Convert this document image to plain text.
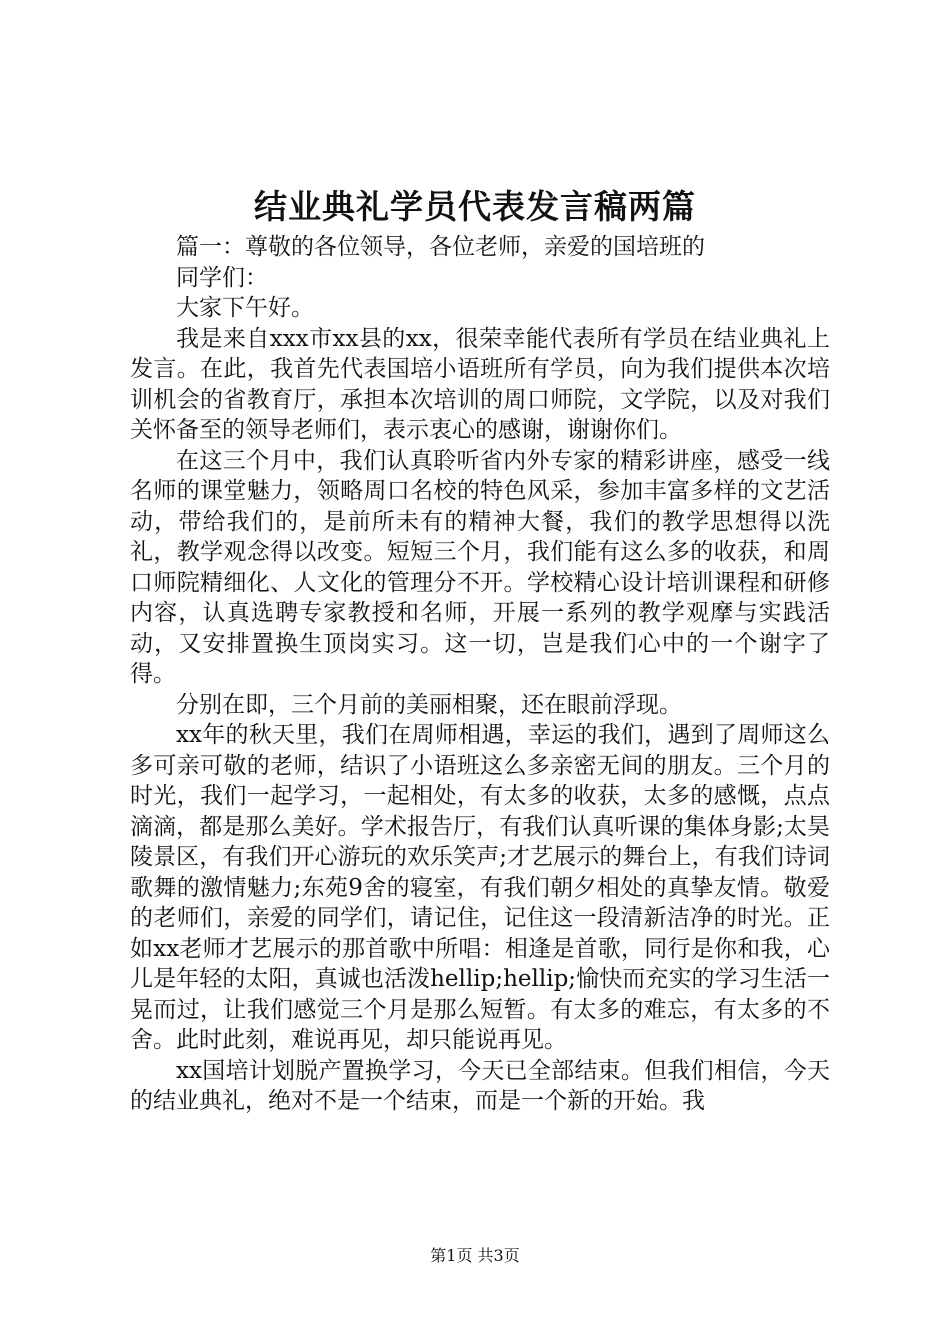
结业典礼学员代表发言稿两篇

篇一：尊敬的各位领导，各位老师，亲爱的国培班的

同学们：

大家下午好。

我是来自xxx市xx县的xx，很荣幸能代表所有学员在结业典礼上发言。在此，我首先代表国培小语班所有学员，向为我们提供本次培训机会的省教育厅，承担本次培训的周口师院，文学院，以及对我们关怀备至的领导老师们，表示衷心的感谢，谢谢你们。

在这三个月中，我们认真聆听省内外专家的精彩讲座，感受一线名师的课堂魅力，领略周口名校的特色风采，参加丰富多样的文艺活动，带给我们的，是前所未有的精神大餐，我们的教学思想得以洗礼，教学观念得以改变。短短三个月，我们能有这么多的收获，和周口师院精细化、人文化的管理分不开。学校精心设计培训课程和研修内容，认真选聘专家教授和名师，开展一系列的教学观摩与实践活动，又安排置换生顶岗实习。这一切，岂是我们心中的一个谢字了得。

分别在即，三个月前的美丽相聚，还在眼前浮现。

xx年的秋天里，我们在周师相遇，幸运的我们，遇到了周师这么多可亲可敬的老师，结识了小语班这么多亲密无间的朋友。三个月的时光，我们一起学习，一起相处，有太多的收获，太多的感慨，点点滴滴，都是那么美好。学术报告厅，有我们认真听课的集体身影;太昊陵景区，有我们开心游玩的欢乐笑声;才艺展示的舞台上，有我们诗词歌舞的激情魅力;东苑9舍的寝室，有我们朝夕相处的真挚友情。敬爱的老师们，亲爱的同学们，请记住，记住这一段清新洁净的时光。正如xx老师才艺展示的那首歌中所唱：相逢是首歌，同行是你和我，心儿是年轻的太阳，真诚也活泼hellip;hellip;愉快而充实的学习生活一晃而过，让我们感觉三个月是那么短暂。有太多的难忘，有太多的不舍。此时此刻，难说再见，却只能说再见。

xx国培计划脱产置换学习，今天已全部结束。但我们相信，今天的结业典礼，绝对不是一个结束，而是一个新的开始。我

第1页 共3页
